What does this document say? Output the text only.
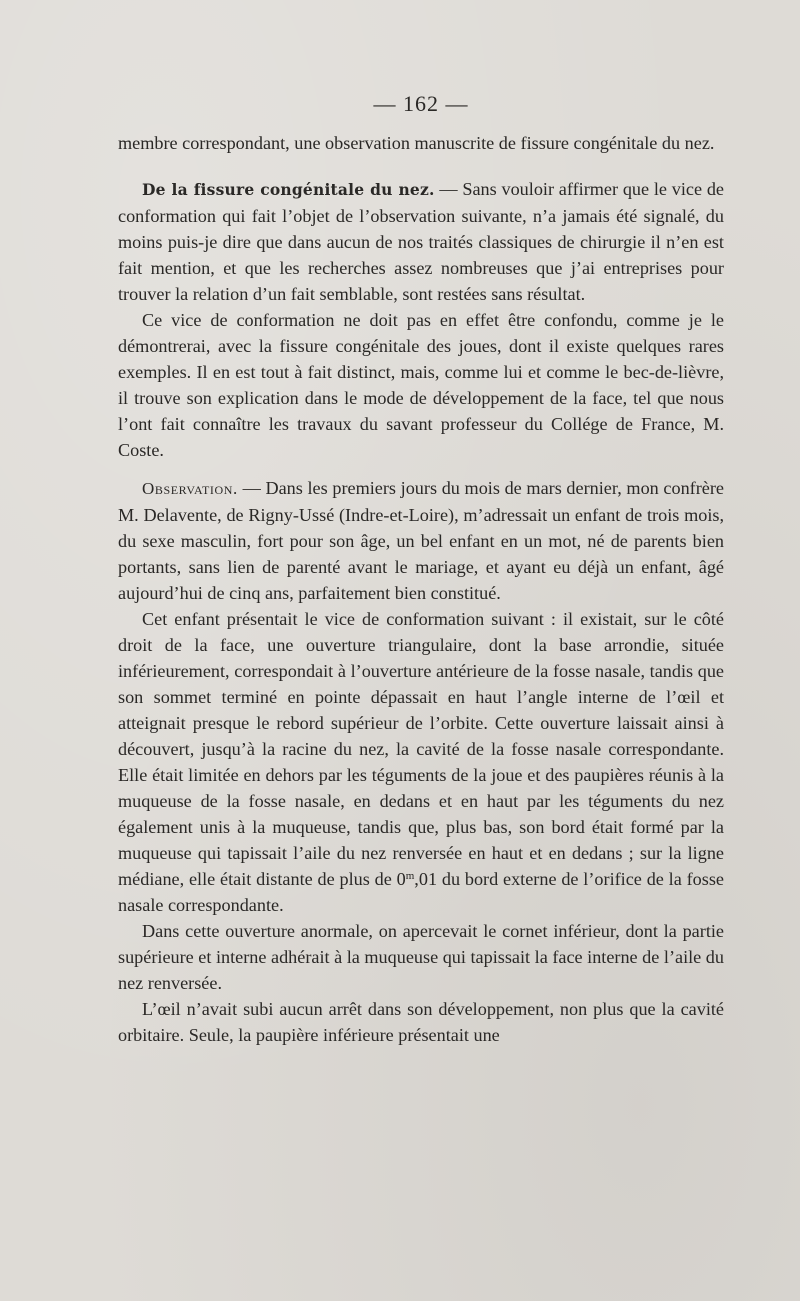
— 162 —

membre correspondant, une observation manuscrite de fissure congénitale du nez.

De la fissure congénitale du nez. — Sans vouloir affirmer que le vice de conformation qui fait l’objet de l’observation suivante, n’a jamais été signalé, du moins puis-je dire que dans aucun de nos traités classiques de chirurgie il n’en est fait mention, et que les recherches assez nombreuses que j’ai entreprises pour trouver la relation d’un fait semblable, sont restées sans résultat.

Ce vice de conformation ne doit pas en effet être confondu, comme je le démontrerai, avec la fissure congénitale des joues, dont il existe quelques rares exemples. Il en est tout à fait distinct, mais, comme lui et comme le bec-de-lièvre, il trouve son explication dans le mode de développement de la face, tel que nous l’ont fait connaître les travaux du savant professeur du Collége de France, M. Coste.

Observation. — Dans les premiers jours du mois de mars dernier, mon confrère M. Delavente, de Rigny-Ussé (Indre-et-Loire), m’adressait un enfant de trois mois, du sexe masculin, fort pour son âge, un bel enfant en un mot, né de parents bien portants, sans lien de parenté avant le mariage, et ayant eu déjà un enfant, âgé aujourd’hui de cinq ans, parfaitement bien constitué.

Cet enfant présentait le vice de conformation suivant : il existait, sur le côté droit de la face, une ouverture triangulaire, dont la base arrondie, située inférieurement, correspondait à l’ouverture antérieure de la fosse nasale, tandis que son sommet terminé en pointe dépassait en haut l’angle interne de l’œil et atteignait presque le rebord supérieur de l’orbite. Cette ouverture laissait ainsi à découvert, jusqu’à la racine du nez, la cavité de la fosse nasale correspondante. Elle était limitée en dehors par les téguments de la joue et des paupières réunis à la muqueuse de la fosse nasale, en dedans et en haut par les téguments du nez également unis à la muqueuse, tandis que, plus bas, son bord était formé par la muqueuse qui tapissait l’aile du nez renversée en haut et en dedans ; sur la ligne médiane, elle était distante de plus de 0$^m$,01 du bord externe de l’orifice de la fosse nasale correspondante.

Dans cette ouverture anormale, on apercevait le cornet inférieur, dont la partie supérieure et interne adhérait à la muqueuse qui tapissait la face interne de l’aile du nez renversée.

L’œil n’avait subi aucun arrêt dans son développement, non plus que la cavité orbitaire. Seule, la paupière inférieure présentait une
